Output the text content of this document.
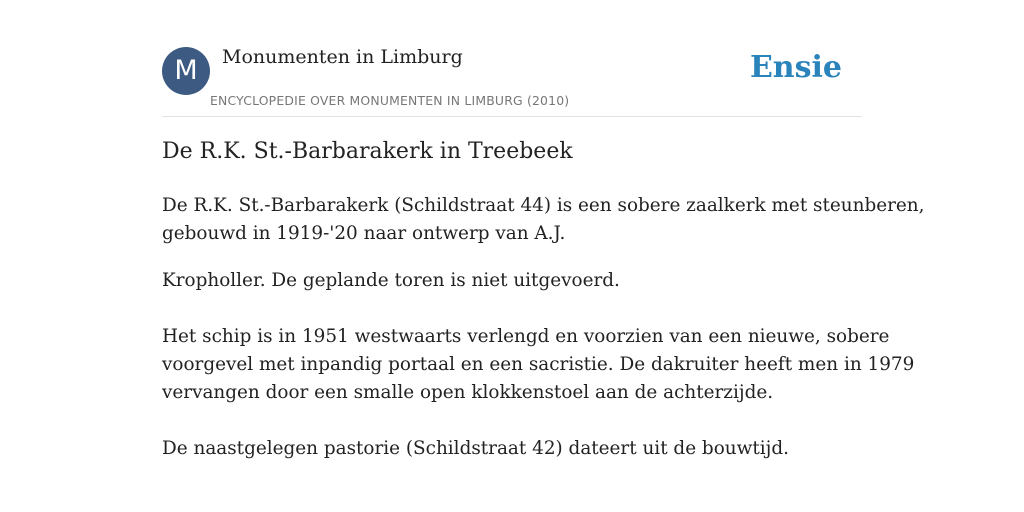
M	Monumenten in Limburg
ENCYCLOPEDIE OVER MONUMENTEN IN LIMBURG (2010)
Ensie
De R.K. St.-Barbarakerk in Treebeek

De R.K. St.-Barbarakerk (Schildstraat 44) is een sobere zaalkerk met steunberen,
gebouwd in 1919-'20 naar ontwerp van A.J.

Kropholler. De geplande toren is niet uitgevoerd.

Het schip is in 1951 westwaarts verlengd en voorzien van een nieuwe, sobere
voorgevel met inpandig portaal en een sacristie. De dakruiter heeft men in 1979
vervangen door een smalle open klokkenstoel aan de achterzijde.

De naastgelegen pastorie (Schildstraat 42) dateert uit de bouwtijd.
